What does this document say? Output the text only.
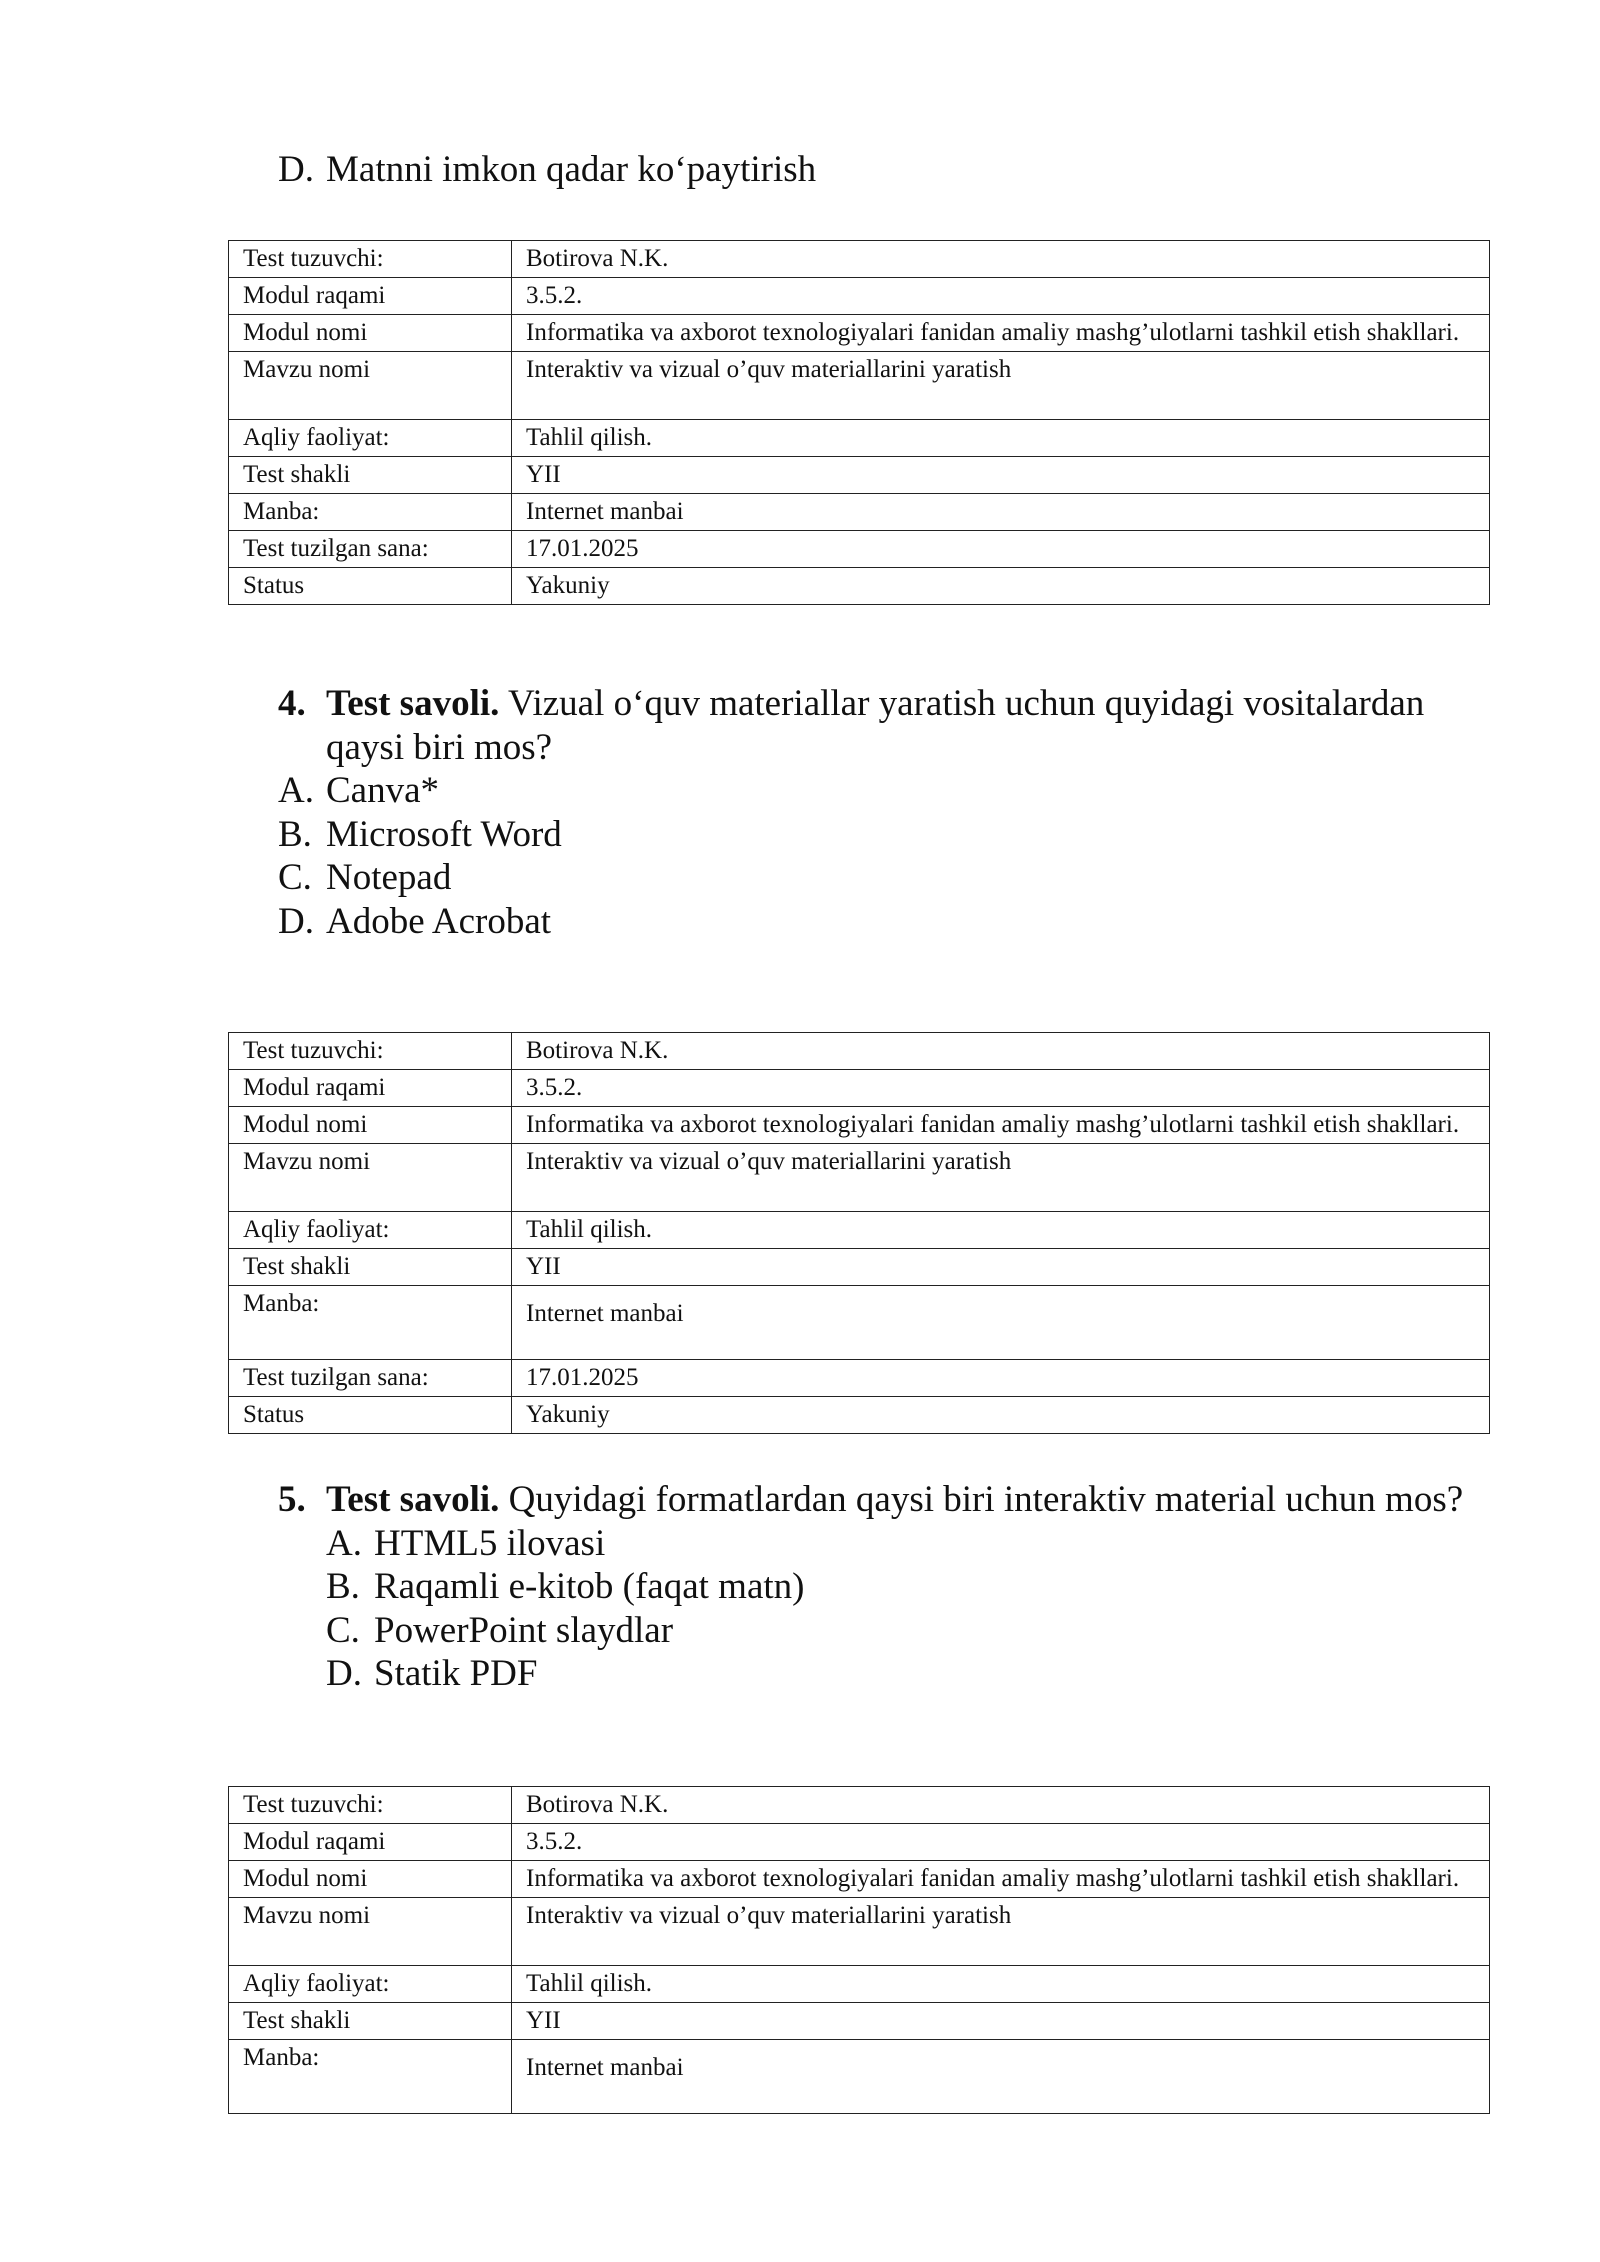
D. Matnni imkon qadar ko‘paytirish
Test tuzuvchi:	Botirova N.K.
Modul raqami	3.5.2.
Modul nomi	Informatika va axborot texnologiyalari fanidan amaliy mashg’ulotlarni tashkil etish shakllari.
Mavzu nomi	Interaktiv va vizual o’quv materiallarini yaratish
Aqliy faoliyat:	Tahlil qilish.
Test shakli	YII
Manba:	Internet manbai
Test tuzilgan sana:	17.01.2025
Status	Yakuniy
4. Test savoli. Vizual o‘quv materiallar yaratish uchun quyidagi vositalardan qaysi biri mos?
A. Canva*
B. Microsoft Word
C. Notepad
D. Adobe Acrobat
Test tuzuvchi:	Botirova N.K.
Modul raqami	3.5.2.
Modul nomi	Informatika va axborot texnologiyalari fanidan amaliy mashg’ulotlarni tashkil etish shakllari.
Mavzu nomi	Interaktiv va vizual o’quv materiallarini yaratish
Aqliy faoliyat:	Tahlil qilish.
Test shakli	YII
Manba:	Internet manbai
Test tuzilgan sana:	17.01.2025
Status	Yakuniy
5. Test savoli. Quyidagi formatlardan qaysi biri interaktiv material uchun mos?
A. HTML5 ilovasi
B. Raqamli e-kitob (faqat matn)
C. PowerPoint slaydlar
D. Statik PDF
Test tuzuvchi:	Botirova N.K.
Modul raqami	3.5.2.
Modul nomi	Informatika va axborot texnologiyalari fanidan amaliy mashg’ulotlarni tashkil etish shakllari.
Mavzu nomi	Interaktiv va vizual o’quv materiallarini yaratish
Aqliy faoliyat:	Tahlil qilish.
Test shakli	YII
Manba:	Internet manbai
